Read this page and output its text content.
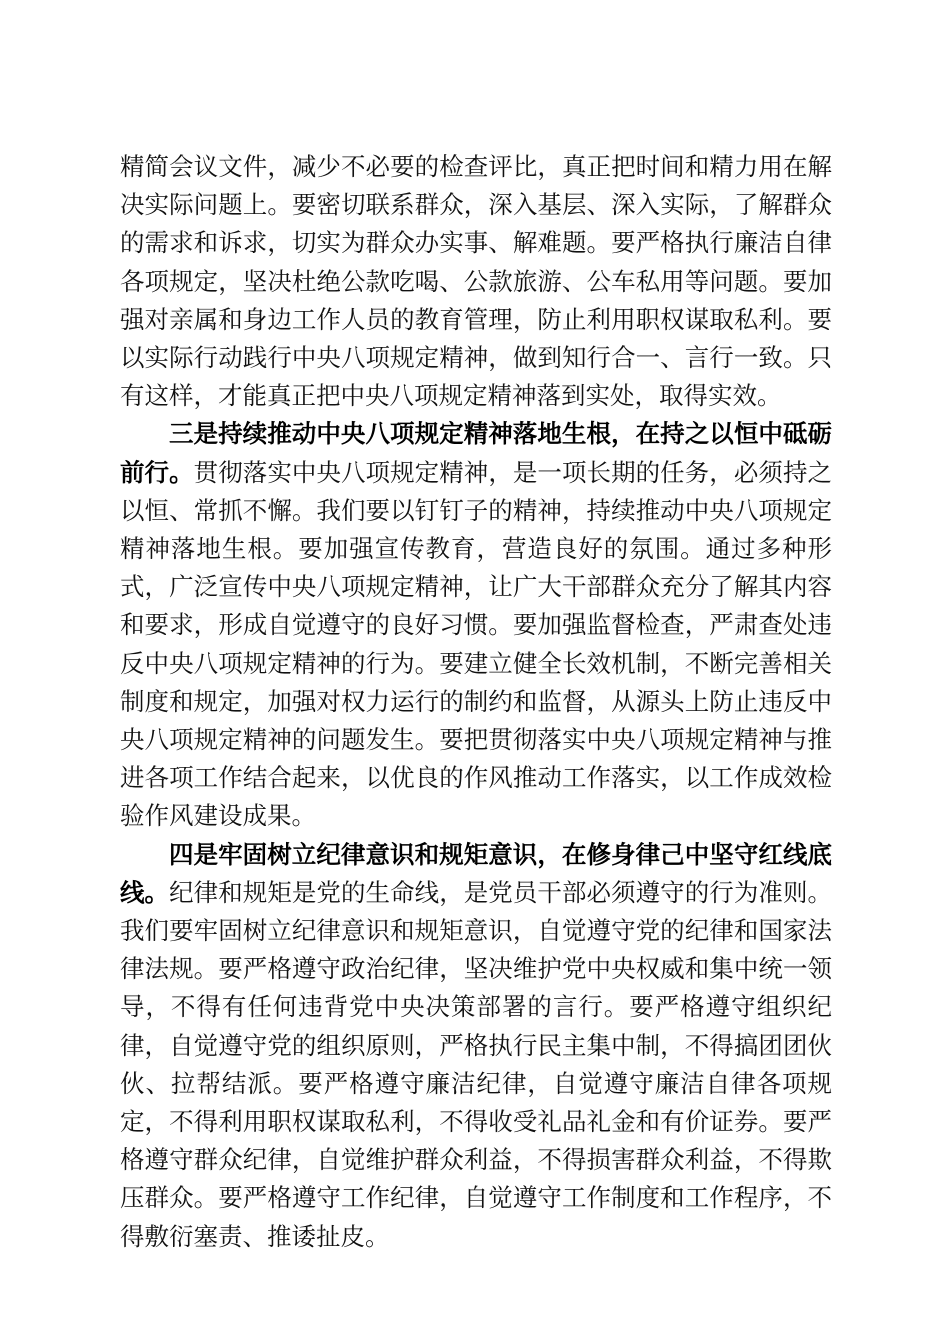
精简会议文件，减少不必要的检查评比，真正把时间和精力用在解决实际问题上。要密切联系群众，深入基层、深入实际，了解群众的需求和诉求，切实为群众办实事、解难题。要严格执行廉洁自律各项规定，坚决杜绝公款吃喝、公款旅游、公车私用等问题。要加强对亲属和身边工作人员的教育管理，防止利用职权谋取私利。要以实际行动践行中央八项规定精神，做到知行合一、言行一致。只有这样，才能真正把中央八项规定精神落到实处，取得实效。

三是持续推动中央八项规定精神落地生根，在持之以恒中砥砺前行。贯彻落实中央八项规定精神，是一项长期的任务，必须持之以恒、常抓不懈。我们要以钉钉子的精神，持续推动中央八项规定精神落地生根。要加强宣传教育，营造良好的氛围。通过多种形式，广泛宣传中央八项规定精神，让广大干部群众充分了解其内容和要求，形成自觉遵守的良好习惯。要加强监督检查，严肃查处违反中央八项规定精神的行为。要建立健全长效机制，不断完善相关制度和规定，加强对权力运行的制约和监督，从源头上防止违反中央八项规定精神的问题发生。要把贯彻落实中央八项规定精神与推进各项工作结合起来，以优良的作风推动工作落实，以工作成效检验作风建设成果。

四是牢固树立纪律意识和规矩意识，在修身律己中坚守红线底线。纪律和规矩是党的生命线，是党员干部必须遵守的行为准则。我们要牢固树立纪律意识和规矩意识，自觉遵守党的纪律和国家法律法规。要严格遵守政治纪律，坚决维护党中央权威和集中统一领导，不得有任何违背党中央决策部署的言行。要严格遵守组织纪律，自觉遵守党的组织原则，严格执行民主集中制，不得搞团团伙伙、拉帮结派。要严格遵守廉洁纪律，自觉遵守廉洁自律各项规定，不得利用职权谋取私利，不得收受礼品礼金和有价证券。要严格遵守群众纪律，自觉维护群众利益，不得损害群众利益，不得欺压群众。要严格遵守工作纪律，自觉遵守工作制度和工作程序，不得敷衍塞责、推诿扯皮。
